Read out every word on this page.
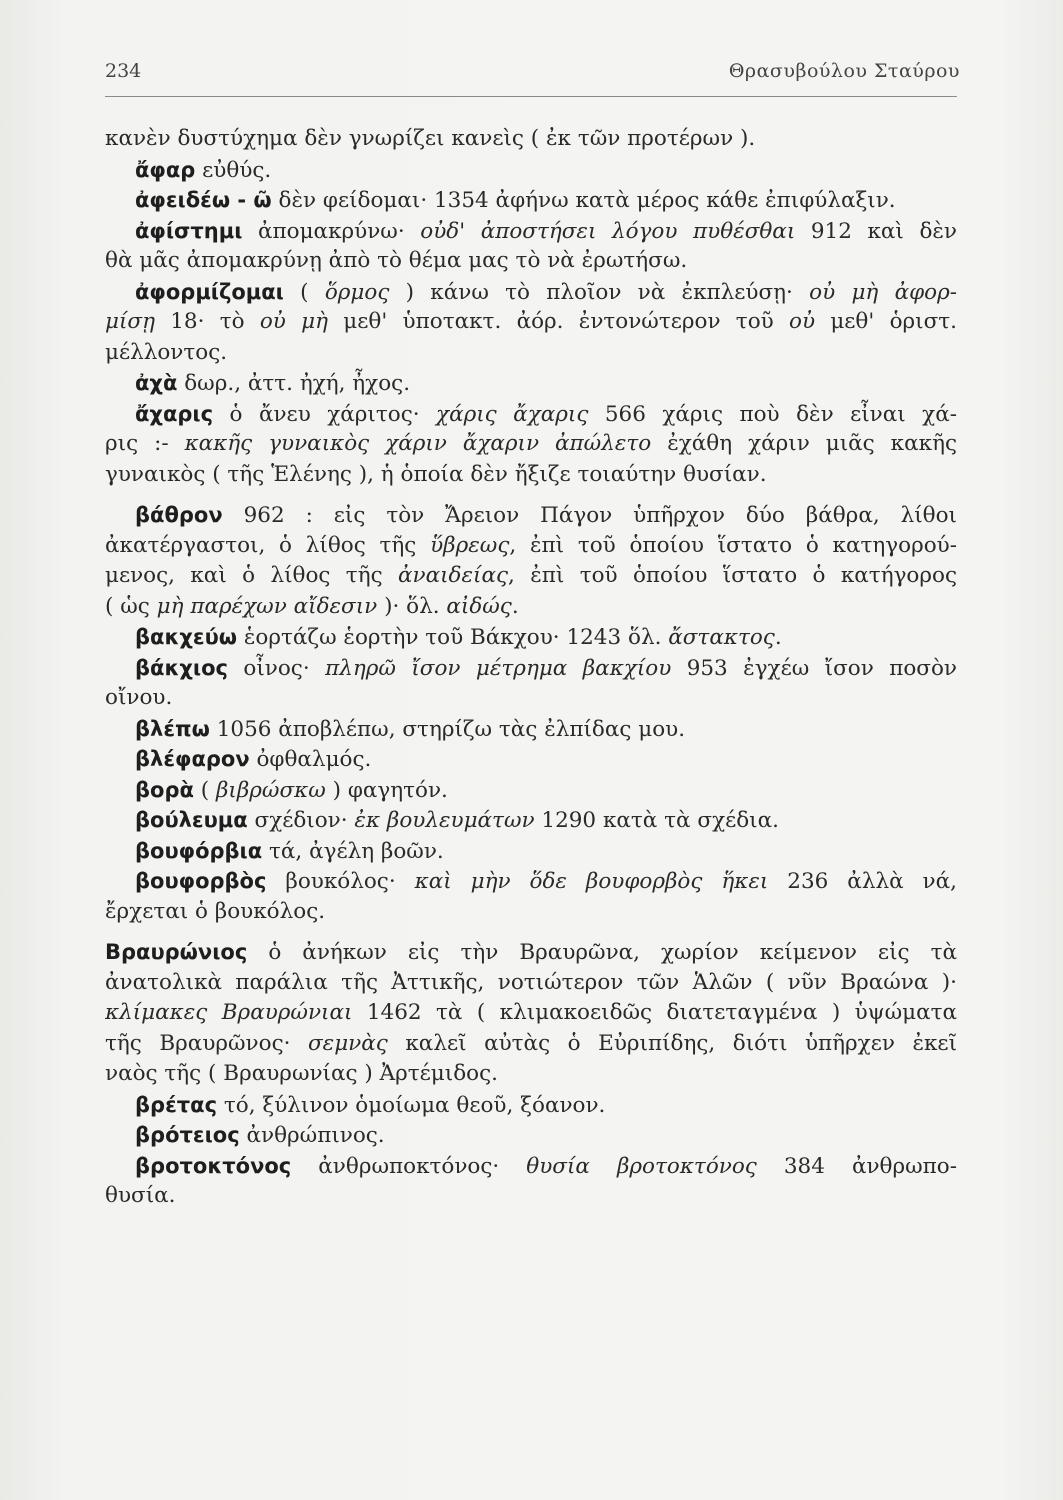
234	Θρασυβούλου Σταύρου
κανὲν δυστύχημα δὲν γνωρίζει κανεὶς ( ἐκ τῶν προτέρων ).
ἄφαρ εὐθύς.
ἀφειδέω - ῶ δὲν φείδομαι· 1354 ἀφήνω κατὰ μέρος κάθε ἐπιφύλαξιν.
ἀφίστημι ἀπομακρύνω· οὐδ' ἀποστήσει λόγου πυθέσθαι 912 καὶ δὲν
θὰ μᾶς ἀπομακρύνῃ ἀπὸ τὸ θέμα μας τὸ νὰ ἐρωτήσω.
ἀφορμίζομαι ( ὅρμος ) κάνω τὸ πλοῖον νὰ ἐκπλεύσῃ· οὐ μὴ ἀφορ-
μίσῃ 18· τὸ οὐ μὴ μεθ' ὑποτακτ. ἀόρ. ἐντονώτερον τοῦ οὐ μεθ' ὁριστ.
μέλλοντος.
ἀχὰ δωρ., ἀττ. ἠχή, ἦχος.
ἄχαρις ὁ ἄνευ χάριτος· χάρις ἄχαρις 566 χάρις ποὺ δὲν εἶναι χά-
ρις :- κακῆς γυναικὸς χάριν ἄχαριν ἀπώλετο ἐχάθη χάριν μιᾶς κακῆς
γυναικὸς ( τῆς Ἑλένης ), ἡ ὁποία δὲν ἤξιζε τοιαύτην θυσίαν.
βάθρον 962 : εἰς τὸν Ἄρειον Πάγον ὑπῆρχον δύο βάθρα, λίθοι
ἀκατέργαστοι, ὁ λίθος τῆς ὕβρεως, ἐπὶ τοῦ ὁποίου ἵστατο ὁ κατηγορού-
μενος, καὶ ὁ λίθος τῆς ἀναιδείας, ἐπὶ τοῦ ὁποίου ἵστατο ὁ κατήγορος
( ὡς μὴ παρέχων αἴδεσιν )· ὅλ. αἰδώς.
βακχεύω ἑορτάζω ἑορτὴν τοῦ Βάκχου· 1243 ὅλ. ἄστακτος.
βάκχιος οἶνος· πληρῶ ἴσον μέτρημα βακχίου 953 ἐγχέω ἴσον ποσὸν
οἴνου.
βλέπω 1056 ἀποβλέπω, στηρίζω τὰς ἐλπίδας μου.
βλέφαρον ὀφθαλμός.
βορὰ ( βιβρώσκω ) φαγητόν.
βούλευμα σχέδιον· ἐκ βουλευμάτων 1290 κατὰ τὰ σχέδια.
βουφόρβια τά, ἀγέλη βοῶν.
βουφορβὸς βουκόλος· καὶ μὴν ὅδε βουφορβὸς ἥκει 236 ἀλλὰ νά,
ἔρχεται ὁ βουκόλος.
Βραυρώνιος ὁ ἀνήκων εἰς τὴν Βραυρῶνα, χωρίον κείμενον εἰς τὰ
ἀνατολικὰ παράλια τῆς Ἀττικῆς, νοτιώτερον τῶν Ἁλῶν ( νῦν Βραώνα )·
κλίμακες Βραυρώνιαι 1462 τὰ ( κλιμακοειδῶς διατεταγμένα ) ὑψώματα
τῆς Βραυρῶνος· σεμνὰς καλεῖ αὐτὰς ὁ Εὐριπίδης, διότι ὑπῆρχεν ἐκεῖ
ναὸς τῆς ( Βραυρωνίας ) Ἀρτέμιδος.
βρέτας τό, ξύλινον ὁμοίωμα θεοῦ, ξόανον.
βρότειος ἀνθρώπινος.
βροτοκτόνος ἀνθρωποκτόνος· θυσία βροτοκτόνος 384 ἀνθρωπο-
θυσία.
